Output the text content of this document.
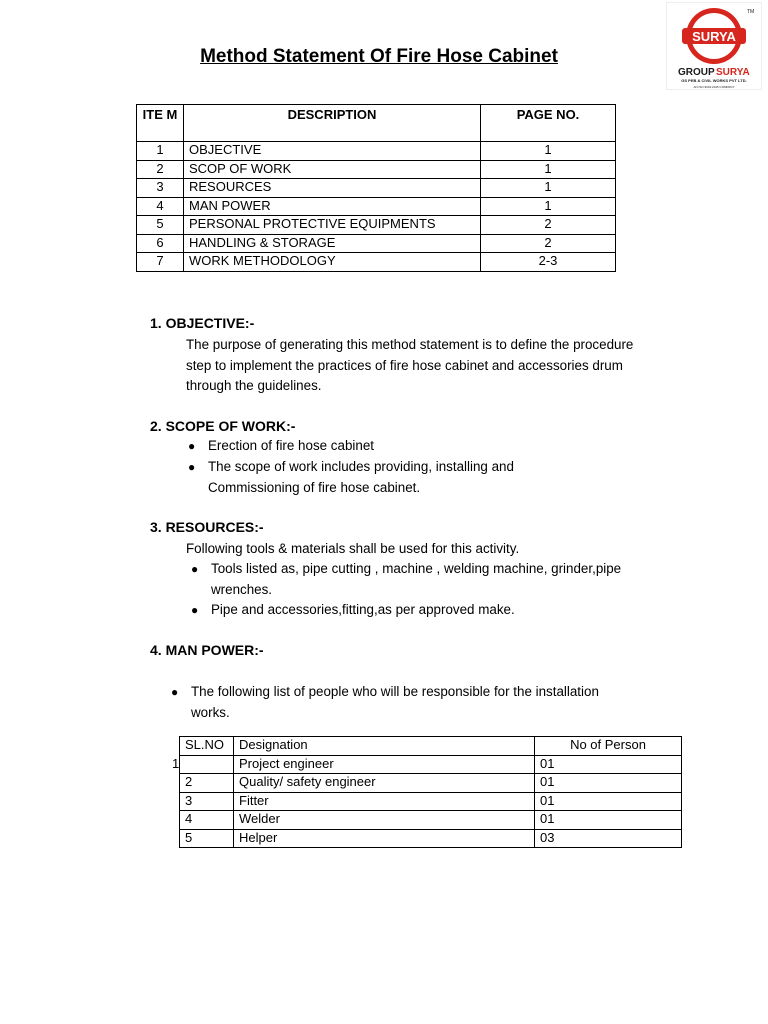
SURYA
TM
GROUP SURYA
GS PEB & CIVIL WORKS PVT LTD.
AN ISO 9001:2015 COMPANY
Method Statement Of Fire Hose Cabinet
ITE M	DESCRIPTION	PAGE NO.
1	OBJECTIVE	1
2	SCOP OF WORK	1
3	RESOURCES	1
4	MAN POWER	1
5	PERSONAL PROTECTIVE EQUIPMENTS	2
6	HANDLING & STORAGE	2
7	WORK METHODOLOGY	2-3
1. OBJECTIVE:-
The purpose of generating this method statement is to define the procedure
step to implement the practices of fire hose cabinet and accessories drum
through the guidelines.
2. SCOPE OF WORK:-
● Erection of fire hose cabinet
● The scope of work includes providing, installing and
Commissioning of fire hose cabinet.
3. RESOURCES:-
Following tools & materials shall be used for this activity.
● Tools listed as, pipe cutting , machine , welding machine, grinder,pipe
wrenches.
● Pipe and accessories,fitting,as per approved make.
4. MAN POWER:-
● The following list of people who will be responsible for the installation
works.
SL.NO	Designation	No of Person
1	Project engineer	01
2	Quality/ safety engineer	01
3	Fitter	01
4	Welder	01
5	Helper	03
